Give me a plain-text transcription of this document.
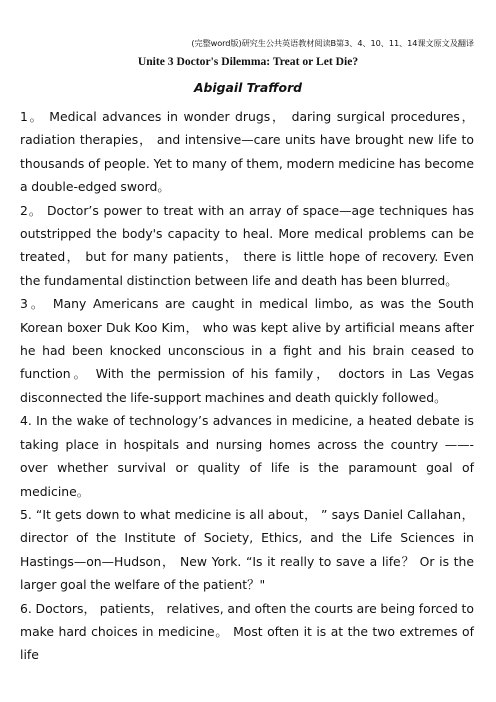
(完整word版)研究生公共英语教材阅读B第3、4、10、11、14课文原文及翻译
Unite 3 Doctor's Dilemma: Treat or Let Die?
Abigail Trafford

1。 Medical advances in wonder drugs， daring surgical procedures，radiation therapies， and intensive—care units have brought new life to thousands of people. Yet to many of them, modern medicine has become a double-edged sword。

2。 Doctor’s power to treat with an array of space—age techniques has outstripped the body's capacity to heal. More medical problems can be treated， but for many patients， there is little hope of recovery. Even the fundamental distinction between life and death has been blurred。

3。 Many Americans are caught in medical limbo, as was the South Korean boxer Duk Koo Kim， who was kept alive by artificial means after he had been knocked unconscious in a fight and his brain ceased to function。 With the permission of his family， doctors in Las Vegas disconnected the life-support machines and death quickly followed。

4. In the wake of technology’s advances in medicine, a heated debate is taking place in hospitals and nursing homes across the country ——- over whether survival or quality of life is the paramount goal of medicine。

5. “It gets down to what medicine is all about， ” says Daniel Callahan， director of the Institute of Society, Ethics, and the Life Sciences in Hastings—on—Hudson， New York. “Is it really to save a life？ Or is the larger goal the welfare of the patient？"

6. Doctors， patients， relatives, and often the courts are being forced to make hard choices in medicine。 Most often it is at the two extremes of life
